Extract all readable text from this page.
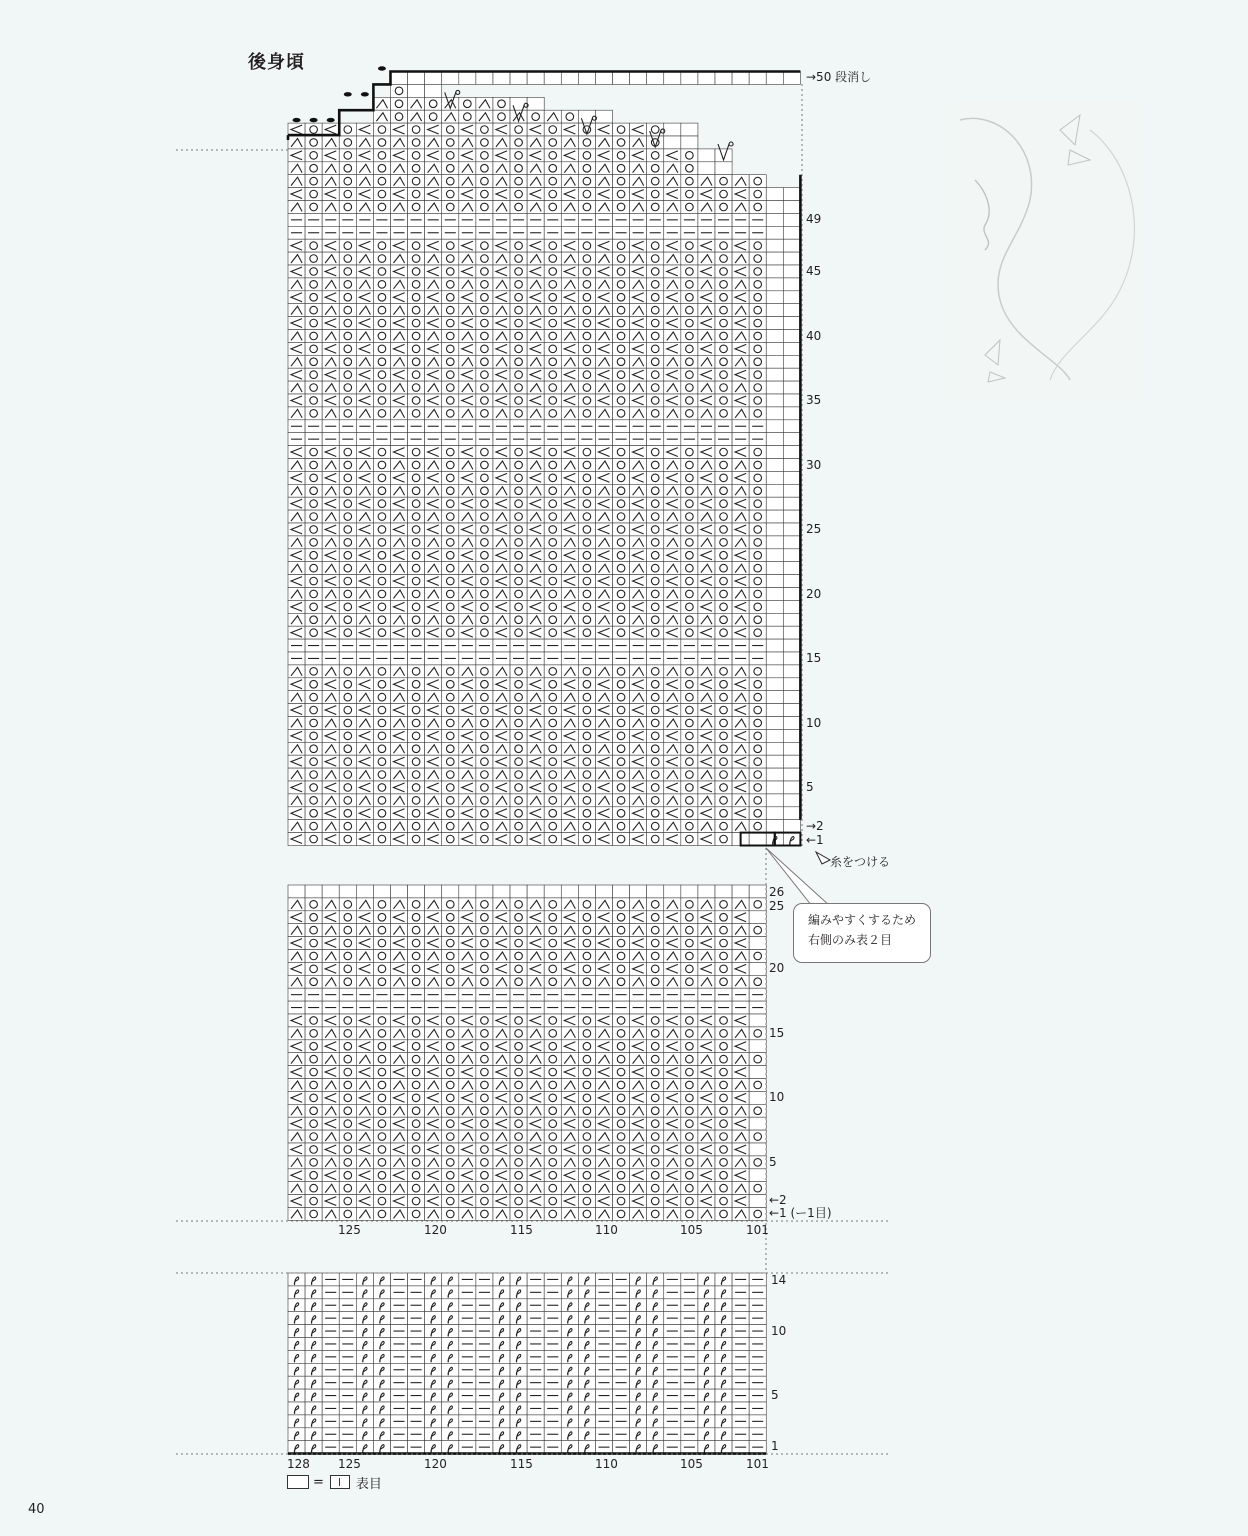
後身頃
→50 段消し
49
45
40
35
30
25
20
15
10
5
→2
←1
糸をつける
編みやすくするため
右側のみ表２目
26
25
20
15
10
5
←2
←1 (ー1目)
125	120	115	110	105	101
14
10
5
1
128 125	120	115	110	105	101
= 表目
40
